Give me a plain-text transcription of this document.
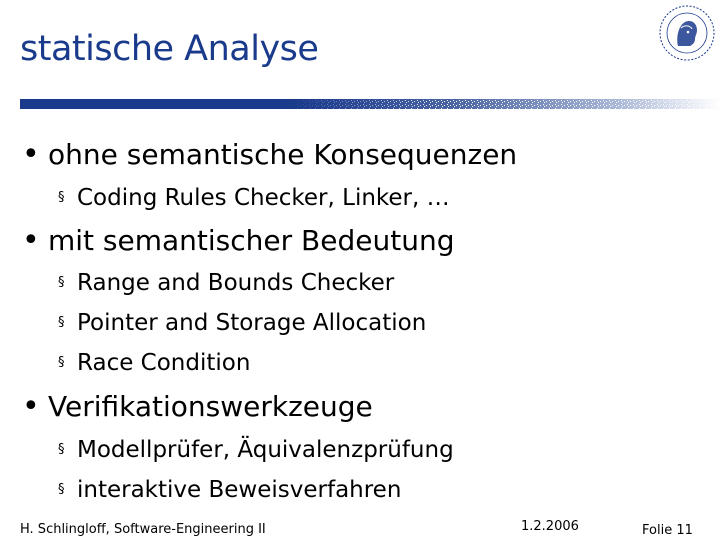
statische Analyse
• ohne semantische Konsequenzen
§ Coding Rules Checker, Linker, …
• mit semantischer Bedeutung
§ Range and Bounds Checker
§ Pointer and Storage Allocation
§ Race Condition
• Verifikationswerkzeuge
§ Modellprüfer, Äquivalenzprüfung
§ interaktive Beweisverfahren
H. Schlingloff, Software-Engineering II	1.2.2006	Folie 11
